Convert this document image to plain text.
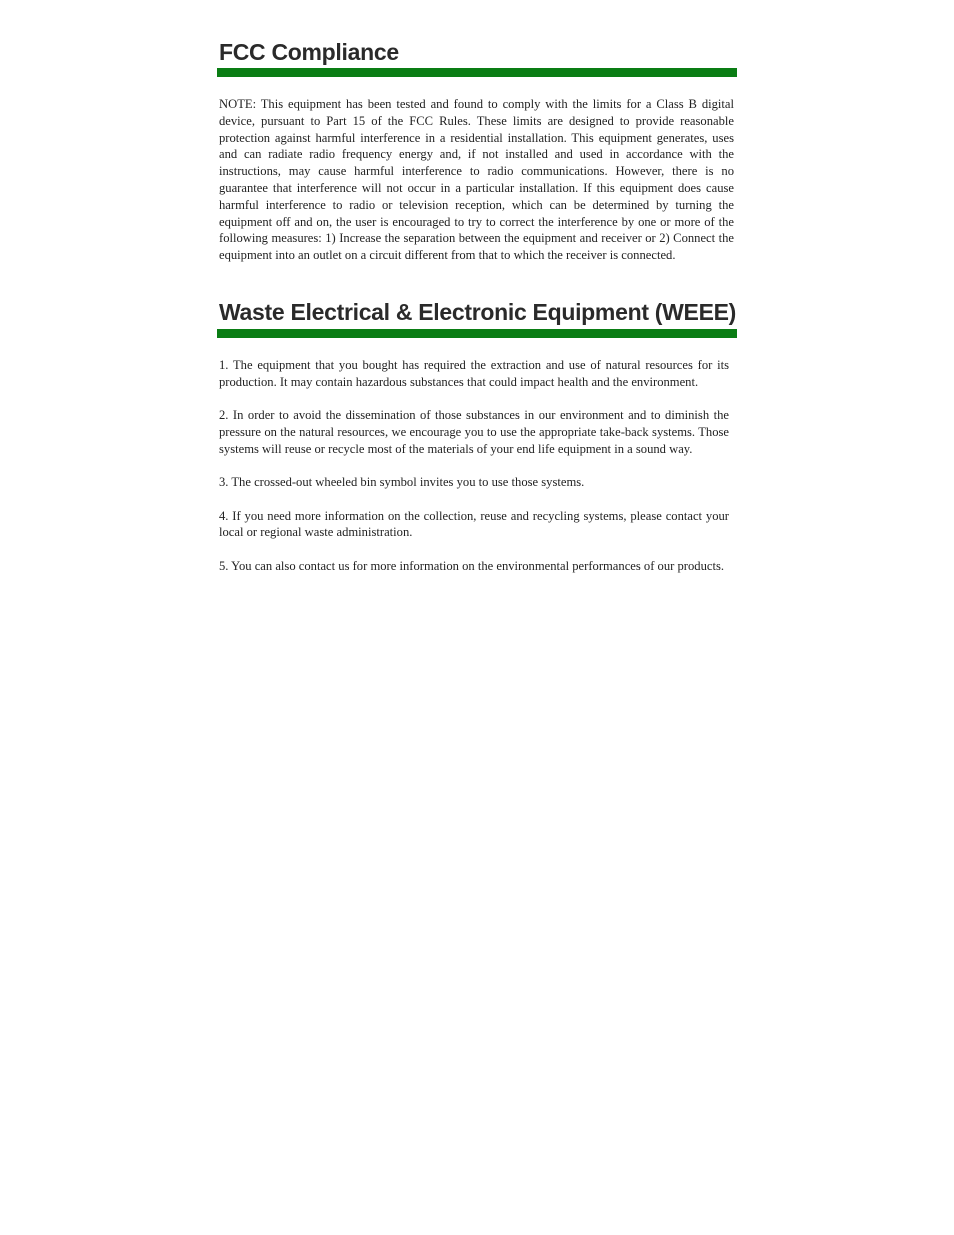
FCC Compliance

NOTE: This equipment has been tested and found to comply with the limits for a Class B digital device, pursuant to Part 15 of the FCC Rules. These limits are designed to provide reasonable protection against harmful interference in a residential installation. This equipment generates, uses and can radiate radio frequency energy and, if not installed and used in accordance with the instructions, may cause harmful interference to radio communications. However, there is no guarantee that interference will not occur in a particular installation. If this equipment does cause harmful interference to radio or television reception, which can be determined by turning the equipment off and on, the user is encouraged to try to correct the interference by one or more of the following measures: 1) Increase the separation between the equipment and receiver or 2) Connect the equipment into an outlet on a circuit different from that to which the receiver is connected.

Waste Electrical & Electronic Equipment (WEEE)

1. The equipment that you bought has required the extraction and use of natural resources for its production. It may contain hazardous substances that could impact health and the environment.

2. In order to avoid the dissemination of those substances in our environment and to diminish the pressure on the natural resources, we encourage you to use the appropriate take-back systems. Those systems will reuse or recycle most of the materials of your end life equipment in a sound way.

3. The crossed-out wheeled bin symbol invites you to use those systems.

4. If you need more information on the collection, reuse and recycling systems, please contact your local or regional waste administration.

5. You can also contact us for more information on the environmental performances of our products.
